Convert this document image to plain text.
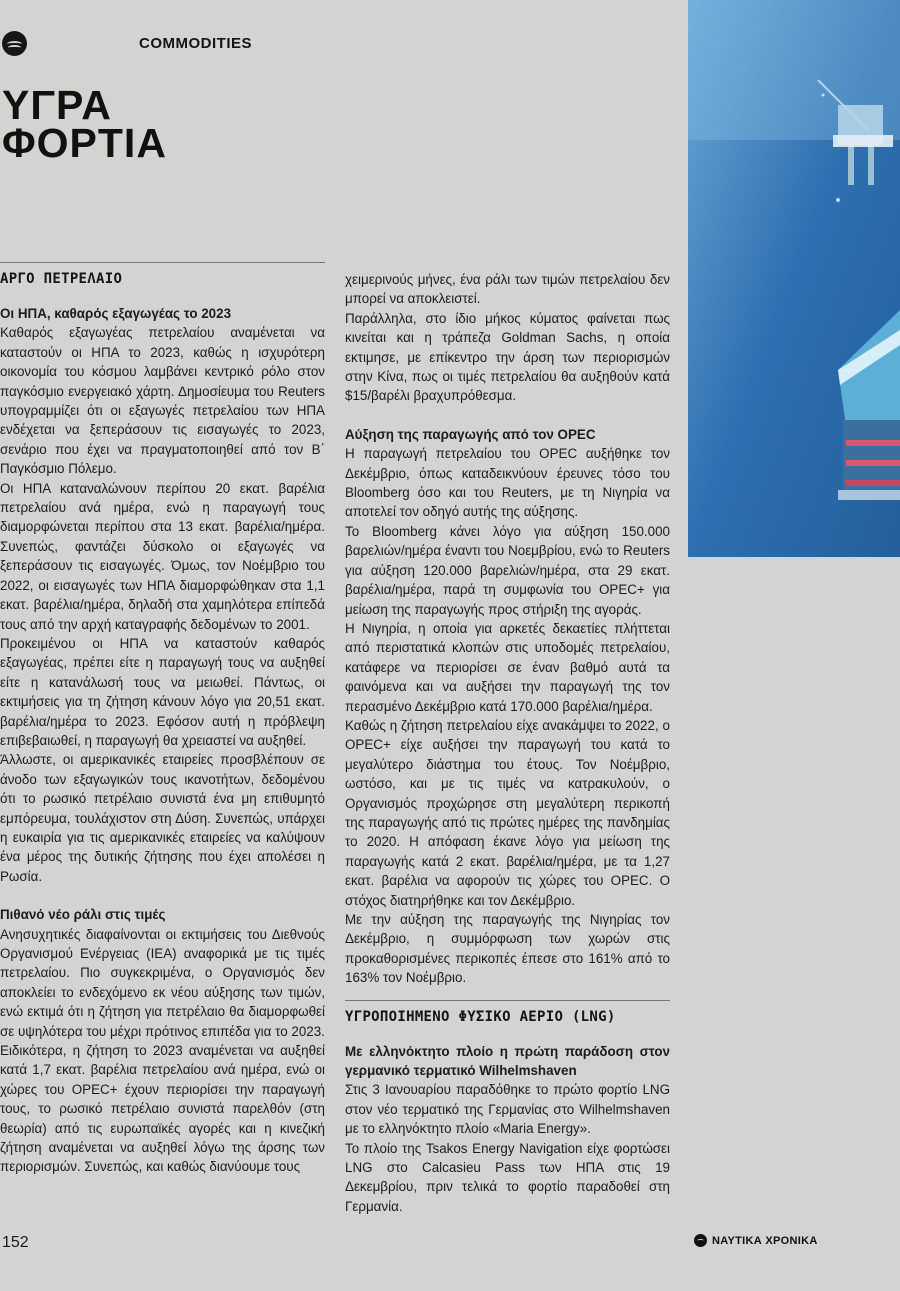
COMMODITIES
ΥΓΡΑ
ΦΟΡΤΙΑ
ΑΡΓΟ ΠΕΤΡΕΛΑΙΟ

Οι ΗΠΑ, καθαρός εξαγωγέας το 2023

Καθαρός εξαγωγέας πετρελαίου αναμένεται να καταστούν οι ΗΠΑ το 2023, καθώς η ισχυρότερη οικονομία του κόσμου λαμβάνει κεντρικό ρόλο στον παγκόσμιο ενεργειακό χάρτη. Δημοσίευμα του Reuters υπογραμμίζει ότι οι εξαγωγές πετρελαίου των ΗΠΑ ενδέχεται να ξεπεράσουν τις εισαγωγές το 2023, σενάριο που έχει να πραγματοποιηθεί από τον Β΄ Παγκόσμιο Πόλεμο.

Οι ΗΠΑ καταναλώνουν περίπου 20 εκατ. βαρέλια πετρελαίου ανά ημέρα, ενώ η παραγωγή τους διαμορφώνεται περίπου στα 13 εκατ. βαρέλια/ημέρα. Συνεπώς, φαντάζει δύσκολο οι εξαγωγές να ξεπεράσουν τις εισαγωγές. Όμως, τον Νοέμβριο του 2022, οι εισαγωγές των ΗΠΑ διαμορφώθηκαν στα 1,1 εκατ. βαρέλια/ημέρα, δηλαδή στα χαμηλότερα επίπεδά τους από την αρχή καταγραφής δεδομένων το 2001.

Προκειμένου οι ΗΠΑ να καταστούν καθαρός εξαγωγέας, πρέπει είτε η παραγωγή τους να αυξηθεί είτε η κατανάλωσή τους να μειωθεί. Πάντως, οι εκτιμήσεις για τη ζήτηση κάνουν λόγο για 20,51 εκατ. βαρέλια/ημέρα το 2023. Εφόσον αυτή η πρόβλεψη επιβεβαιωθεί, η παραγωγή θα χρειαστεί να αυξηθεί.

Άλλωστε, οι αμερικανικές εταιρείες προσβλέπουν σε άνοδο των εξαγωγικών τους ικανοτήτων, δεδομένου ότι το ρωσικό πετρέλαιο συνιστά ένα μη επιθυμητό εμπόρευμα, τουλάχιστον στη Δύση. Συνεπώς, υπάρχει η ευκαιρία για τις αμερικανικές εταιρείες να καλύψουν ένα μέρος της δυτικής ζήτησης που έχει απολέσει η Ρωσία.

Πιθανό νέο ράλι στις τιμές

Ανησυχητικές διαφαίνονται οι εκτιμήσεις του Διεθνούς Οργανισμού Ενέργειας (IEA) αναφορικά με τις τιμές πετρελαίου. Πιο συγκεκριμένα, ο Οργανισμός δεν αποκλείει το ενδεχόμενο εκ νέου αύξησης των τιμών, ενώ εκτιμά ότι η ζήτηση για πετρέλαιο θα διαμορφωθεί σε υψηλότερα του μέχρι πρότινος επιπέδα για το 2023.

Ειδικότερα, η ζήτηση το 2023 αναμένεται να αυξηθεί κατά 1,7 εκατ. βαρέλια πετρελαίου ανά ημέρα, ενώ οι χώρες του OPEC+ έχουν περιορίσει την παραγωγή τους, το ρωσικό πετρέλαιο συνιστά παρελθόν (στη θεωρία) από τις ευρωπαϊκές αγορές και η κινεζική ζήτηση αναμένεται να αυξηθεί λόγω της άρσης των περιορισμών. Συνεπώς, και καθώς διανύουμε τους

χειμερινούς μήνες, ένα ράλι των τιμών πετρελαίου δεν μπορεί να αποκλειστεί.

Παράλληλα, στο ίδιο μήκος κύματος φαίνεται πως κινείται και η τράπεζα Goldman Sachs, η οποία εκτιμησε, με επίκεντρο την άρση των περιορισμών στην Κίνα, πως οι τιμές πετρελαίου θα αυξηθούν κατά $15/βαρέλι βραχυπρόθεσμα.

Αύξηση της παραγωγής από τον OPEC

Η παραγωγή πετρελαίου του OPEC αυξήθηκε τον Δεκέμβριο, όπως καταδεικνύουν έρευνες τόσο του Bloomberg όσο και του Reuters, με τη Νιγηρία να αποτελεί τον οδηγό αυτής της αύξησης.

Το Bloomberg κάνει λόγο για αύξηση 150.000 βαρελιών/ημέρα έναντι του Νοεμβρίου, ενώ το Reuters για αύξηση 120.000 βαρελιών/ημέρα, στα 29 εκατ. βαρέλια/ημέρα, παρά τη συμφωνία του OPEC+ για μείωση της παραγωγής προς στήριξη της αγοράς.

Η Νιγηρία, η οποία για αρκετές δεκαετίες πλήττεται από περιστατικά κλοπών στις υποδομές πετρελαίου, κατάφερε να περιορίσει σε έναν βαθμό αυτά τα φαινόμενα και να αυξήσει την παραγωγή της τον περασμένο Δεκέμβριο κατά 170.000 βαρέλια/ημέρα.

Καθώς η ζήτηση πετρελαίου είχε ανακάμψει το 2022, ο OPEC+ είχε αυξήσει την παραγωγή του κατά το μεγαλύτερο διάστημα του έτους. Τον Νοέμβριο, ωστόσο, και με τις τιμές να κατρακυλούν, ο Οργανισμός προχώρησε στη μεγαλύτερη περικοπή της παραγωγής από τις πρώτες ημέρες της πανδημίας το 2020. Η απόφαση έκανε λόγο για μείωση της παραγωγής κατά 2 εκατ. βαρέλια/ημέρα, με τα 1,27 εκατ. βαρέλια να αφορούν τις χώρες του OPEC. Ο στόχος διατηρήθηκε και τον Δεκέμβριο.

Με την αύξηση της παραγωγής της Νιγηρίας τον Δεκέμβριο, η συμμόρφωση των χωρών στις προκαθορισμένες περικοπές έπεσε στο 161% από το 163% τον Νοέμβριο.

ΥΓΡΟΠΟΙΗΜΕΝΟ ΦΥΣΙΚΟ ΑΕΡΙΟ (LNG)

Με ελληνόκτητο πλοίο η πρώτη παράδοση στον γερμανικό τερματικό Wilhelmshaven

Στις 3 Ιανουαρίου παραδόθηκε το πρώτο φορτίο LNG στον νέο τερματικό της Γερμανίας στο Wilhelmshaven με το ελληνόκτητο πλοίο «Maria Energy».

Το πλοίο της Tsakos Energy Navigation είχε φορτώσει LNG στο Calcasieu Pass των ΗΠΑ στις 19 Δεκεμβρίου, πριν τελικά το φορτίο παραδοθεί στη Γερμανία.

152	ΝΑΥΤΙΚΑ ΧΡΟΝΙΚΑ
